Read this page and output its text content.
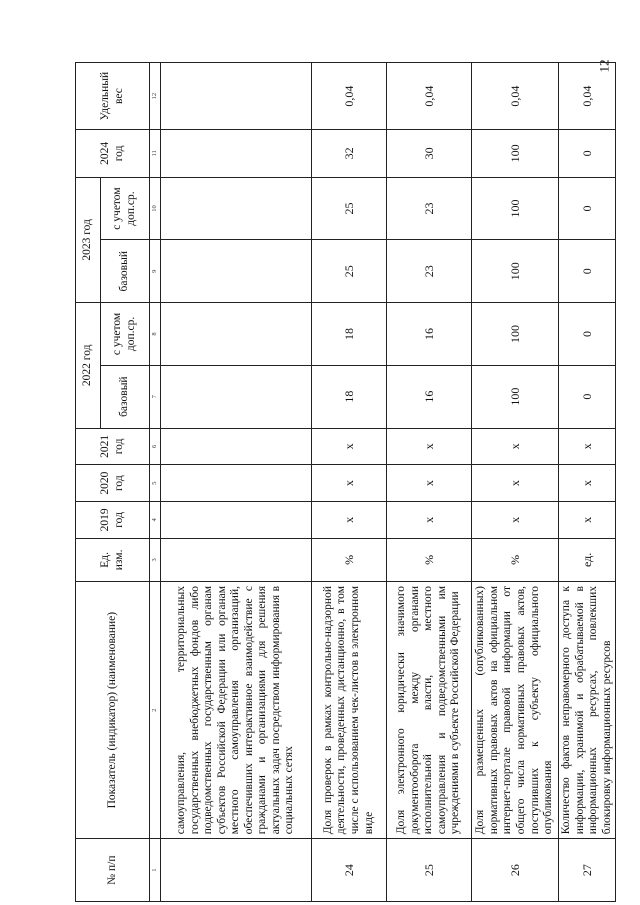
12
№ п/п	Показатель (индикатор) (наименование)	Ед. изм.	2019 год	2020 год	2021 год	2022 год		2023 год		2024 год	Удельный вес
						базовый	с учетом доп.ср.	базовый	с учетом доп.ср.		
1	2	3	4	5	6	7	8	9	10	11	12
	самоуправления, территориальных государственных внебюджетных фондов либо подведомственных государственным органам субъектов Российской Федерации или органам местного самоуправления организаций, обеспечивших интерактивное взаимодействие с гражданами и организациями для решения актуальных задач посредством информирования в социальных сетях										
24	Доля проверок в рамках контрольно-надзорной деятельности, проведенных дистанционно, в том числе с использованием чек-листов в электронном виде	%	х	х	х	18	18	25	25	32	0,04
25	Доля электронного юридически значимого документооборота между органами исполнительной власти, местного самоуправления и подведомственными им учреждениями в субъекте Российской Федерации	%	х	х	х	16	16	23	23	30	0,04
26	Доля размещенных (опубликованных) нормативных правовых актов на официальном интернет-портале правовой информации от общего числа нормативных правовых актов, поступивших к субъекту официального опубликования	%	х	х	х	100	100	100	100	100	0,04
27	Количество фактов неправомерного доступа к информации, хранимой и обрабатываемой в информационных ресурсах, повлекших блокировку информационных ресурсов	ед.	х	х	х	0	0	0	0	0	0,04
